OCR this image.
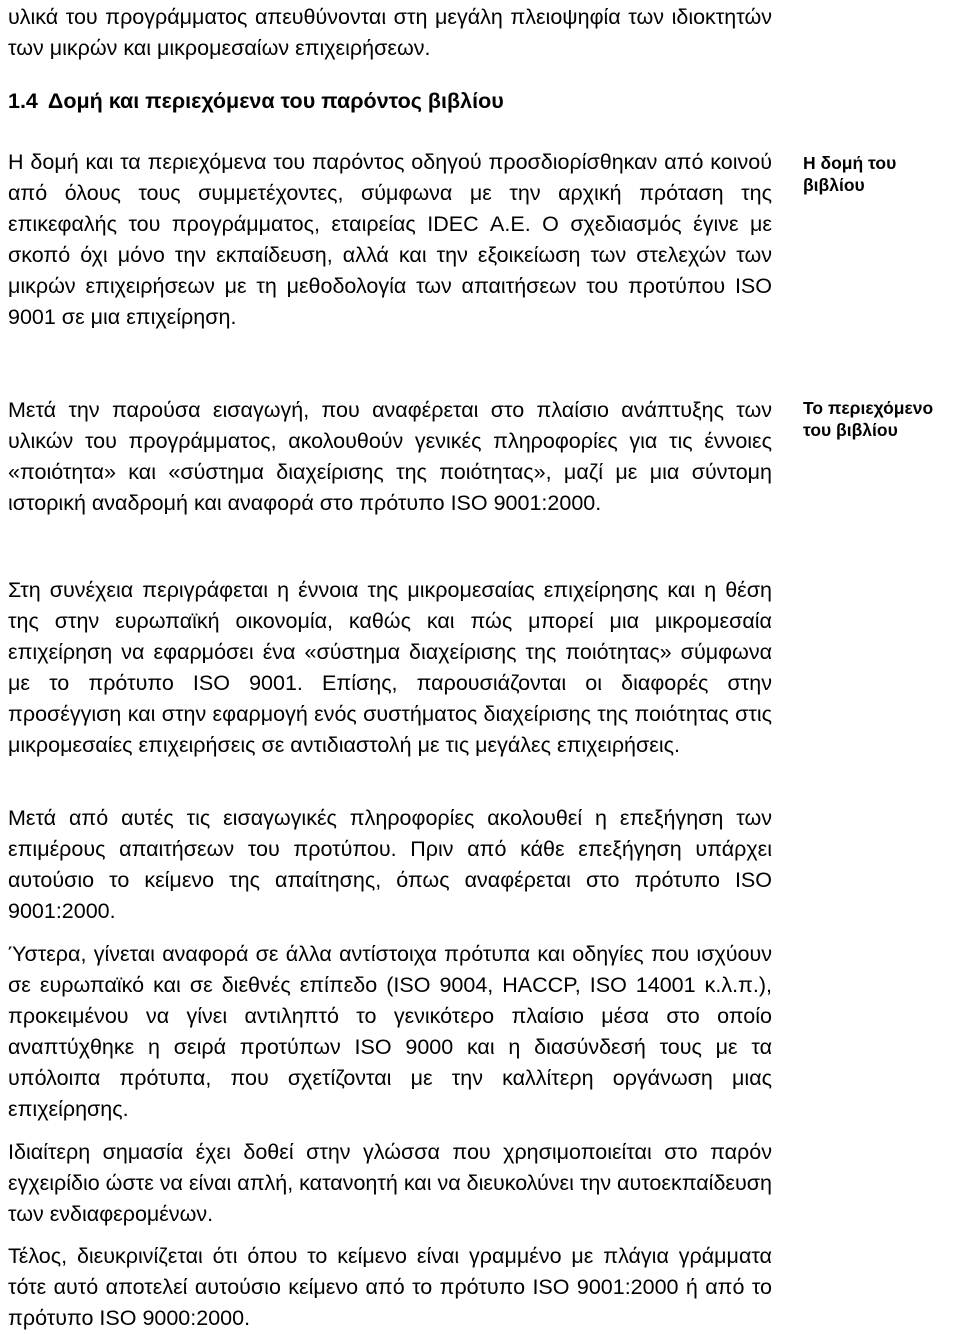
υλικά του προγράμματος απευθύνονται στη μεγάλη πλειοψηφία των ιδιοκτητών των μικρών και μικρομεσαίων επιχειρήσεων.

1.4 Δομή και περιεχόμενα του παρόντος βιβλίου

Η δομή και τα περιεχόμενα του παρόντος οδηγού προσδιορίσθηκαν από κοινού από όλους τους συμμετέχοντες, σύμφωνα με την αρχική πρόταση της επικεφαλής του προγράμματος, εταιρείας IDEC Α.Ε. Ο σχεδιασμός έγινε με σκοπό όχι μόνο την εκπαίδευση, αλλά και την εξοικείωση των στελεχών των μικρών επιχειρήσεων με τη μεθοδολογία των απαιτήσεων του προτύπου ISO 9001 σε μια επιχείρηση.

Η δομή του βιβλίου

Μετά την παρούσα εισαγωγή, που αναφέρεται στο πλαίσιο ανάπτυξης των υλικών του προγράμματος, ακολουθούν γενικές πληροφορίες για τις έννοιες «ποιότητα» και «σύστημα διαχείρισης της ποιότητας», μαζί με μια σύντομη ιστορική αναδρομή και αναφορά στο πρότυπο ISO 9001:2000.

Το περιεχόμενο του βιβλίου

Στη συνέχεια περιγράφεται η έννοια της μικρομεσαίας επιχείρησης και η θέση της στην ευρωπαϊκή οικονομία, καθώς και πώς μπορεί μια μικρομεσαία επιχείρηση να εφαρμόσει ένα «σύστημα διαχείρισης της ποιότητας» σύμφωνα με το πρότυπο ISO 9001. Επίσης, παρουσιάζονται οι διαφορές στην προσέγγιση και στην εφαρμογή ενός συστήματος διαχείρισης της ποιότητας στις μικρομεσαίες επιχειρήσεις σε αντιδιαστολή με τις μεγάλες επιχειρήσεις.

Μετά από αυτές τις εισαγωγικές πληροφορίες ακολουθεί η επεξήγηση των επιμέρους απαιτήσεων του προτύπου. Πριν από κάθε επεξήγηση υπάρχει αυτούσιο το κείμενο της απαίτησης, όπως αναφέρεται στο πρότυπο ISO 9001:2000.

Ύστερα, γίνεται αναφορά σε άλλα αντίστοιχα πρότυπα και οδηγίες που ισχύουν σε ευρωπαϊκό και σε διεθνές επίπεδο (ISO 9004, HACCP, ISO 14001 κ.λ.π.), προκειμένου να γίνει αντιληπτό το γενικότερο πλαίσιο μέσα στο οποίο αναπτύχθηκε η σειρά προτύπων ISO 9000 και η διασύνδεσή τους με τα υπόλοιπα πρότυπα, που σχετίζονται με την καλλίτερη οργάνωση μιας επιχείρησης.

Ιδιαίτερη σημασία έχει δοθεί στην γλώσσα που χρησιμοποιείται στο παρόν εγχειρίδιο ώστε να είναι απλή, κατανοητή και να διευκολύνει την αυτοεκπαίδευση των ενδιαφερομένων.

Τέλος, διευκρινίζεται ότι όπου το κείμενο είναι γραμμένο με πλάγια γράμματα τότε αυτό αποτελεί αυτούσιο κείμενο από το πρότυπο ISO 9001:2000 ή από το πρότυπο ISO 9000:2000.
